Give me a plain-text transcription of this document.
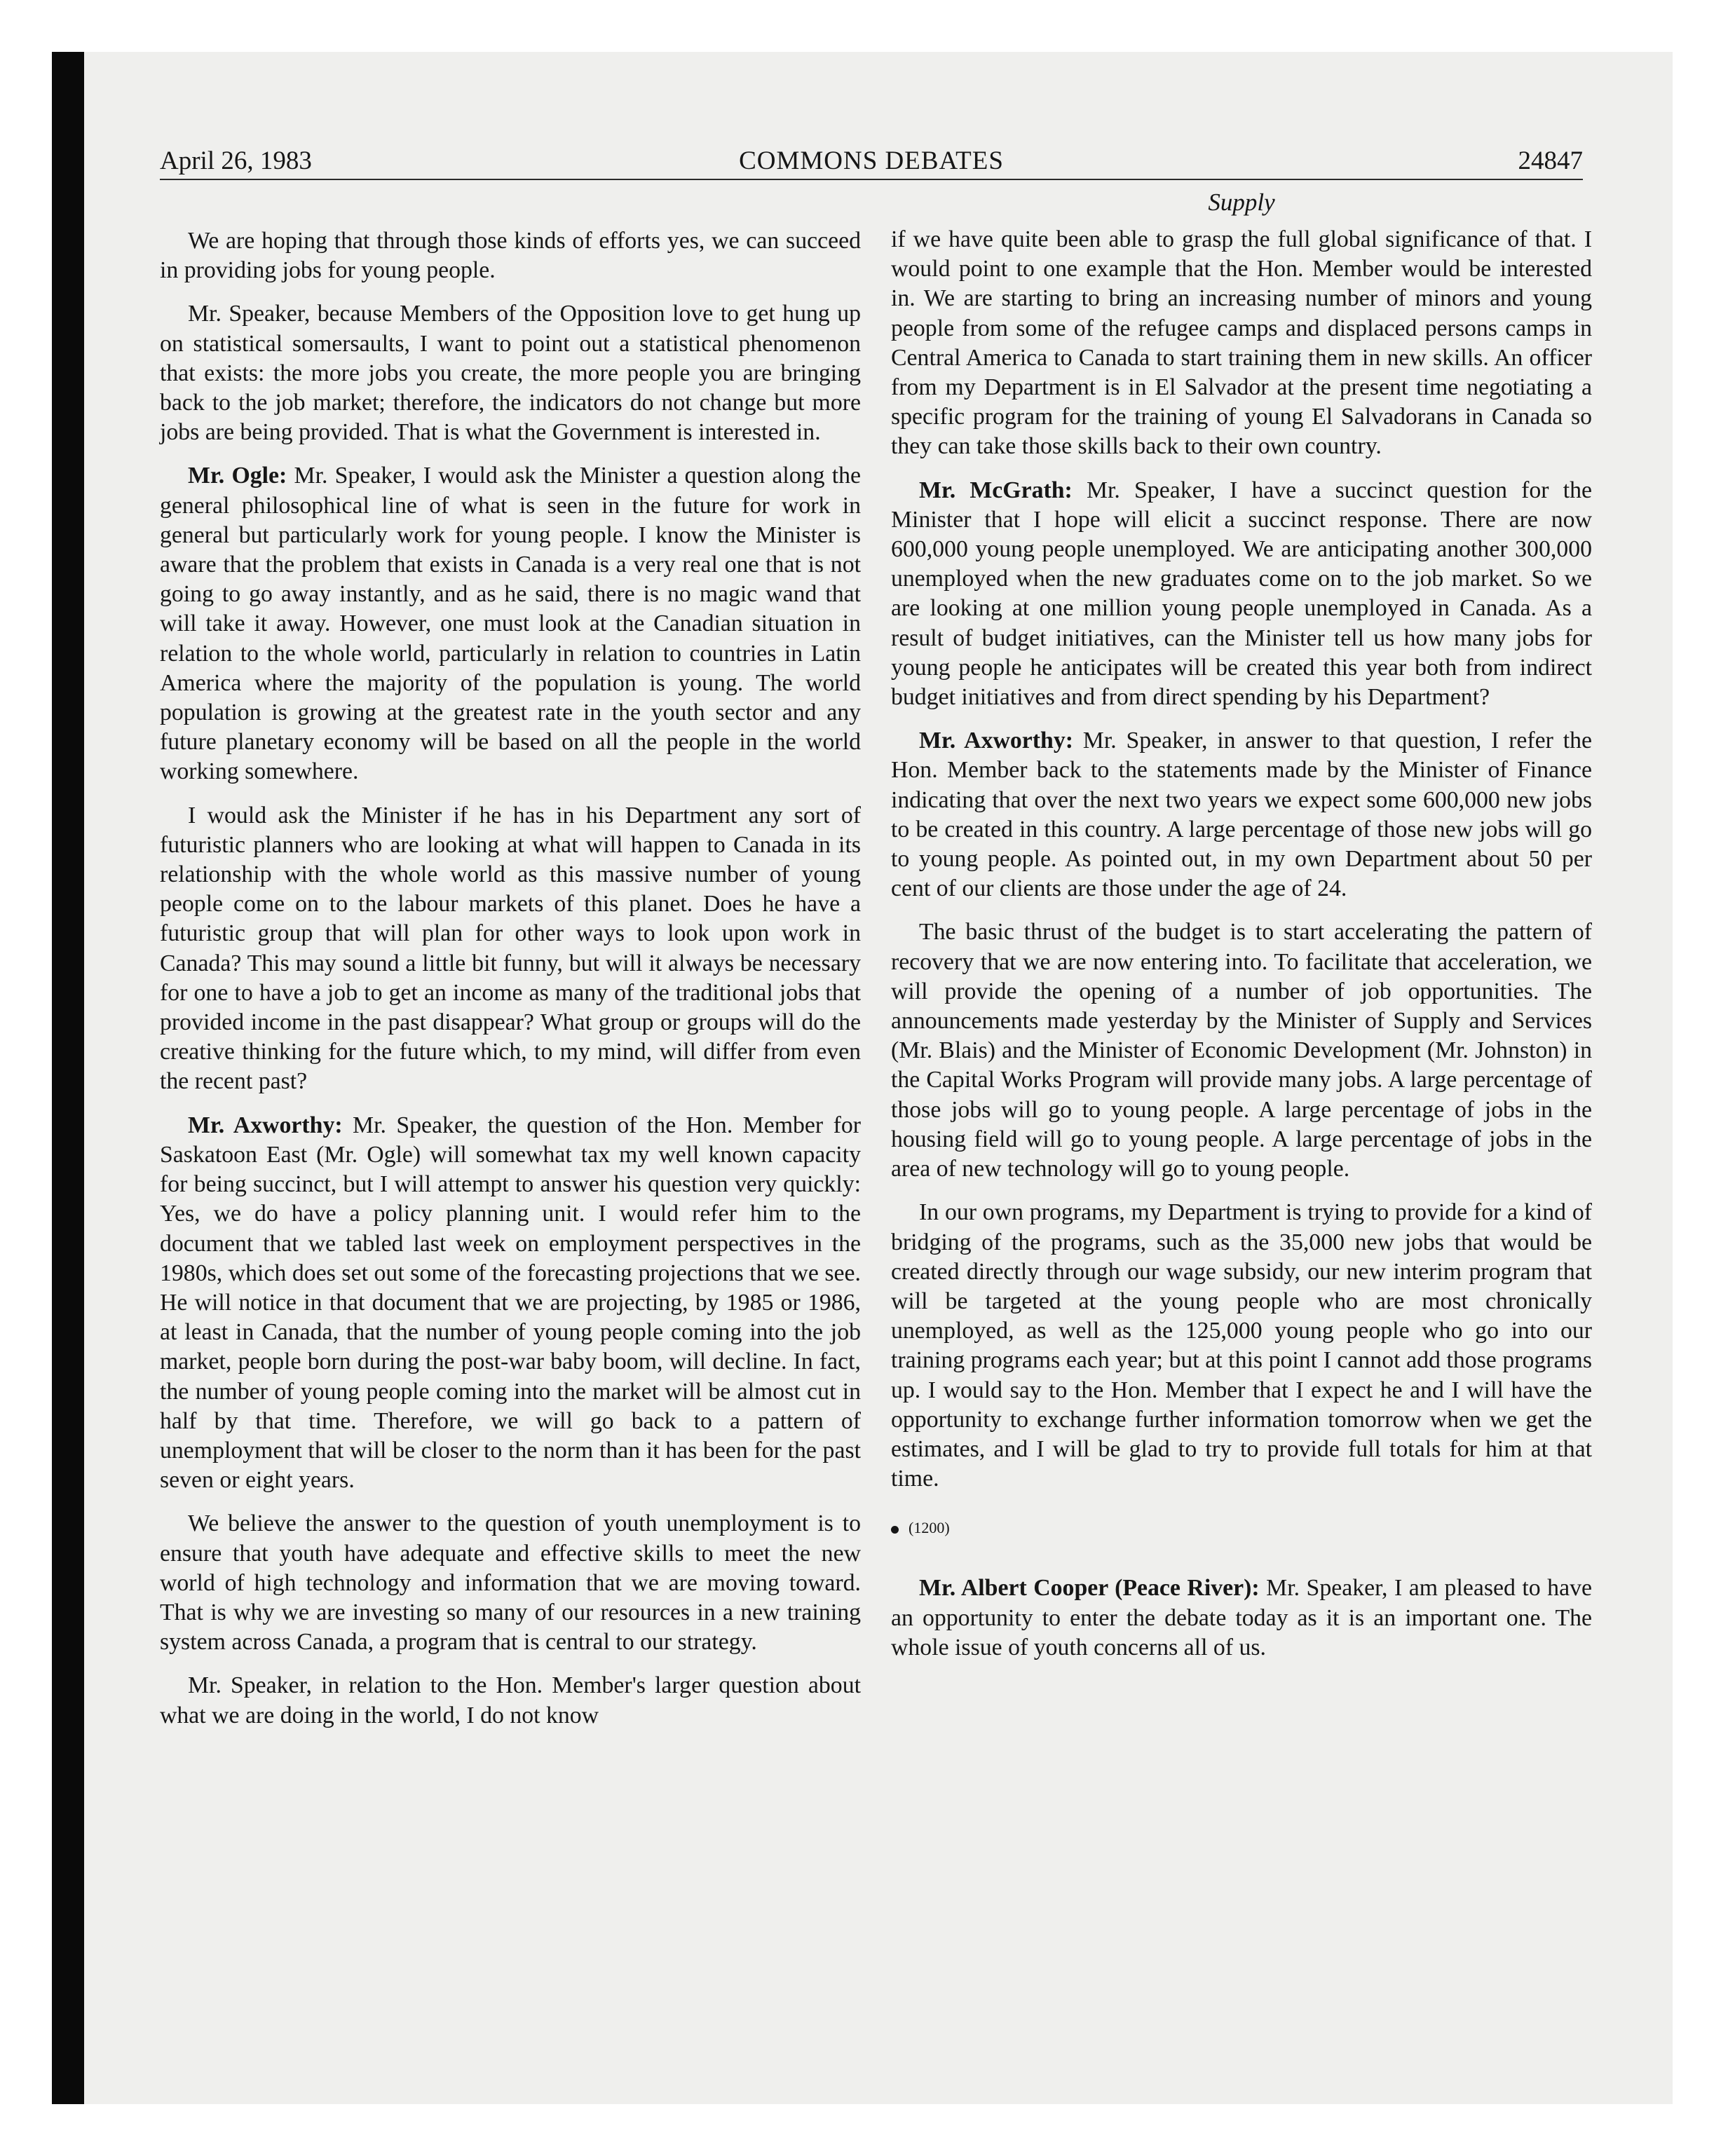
April 26, 1983	COMMONS DEBATES	24847

We are hoping that through those kinds of efforts yes, we can succeed in providing jobs for young people.

Mr. Speaker, because Members of the Opposition love to get hung up on statistical somersaults, I want to point out a statistical phenomenon that exists: the more jobs you create, the more people you are bringing back to the job market; therefore, the indicators do not change but more jobs are being provided. That is what the Government is interested in.

Mr. Ogle: Mr. Speaker, I would ask the Minister a question along the general philosophical line of what is seen in the future for work in general but particularly work for young people. I know the Minister is aware that the problem that exists in Canada is a very real one that is not going to go away instantly, and as he said, there is no magic wand that will take it away. However, one must look at the Canadian situation in relation to the whole world, particularly in relation to countries in Latin America where the majority of the population is young. The world population is growing at the greatest rate in the youth sector and any future planetary economy will be based on all the people in the world working somewhere.

I would ask the Minister if he has in his Department any sort of futuristic planners who are looking at what will happen to Canada in its relationship with the whole world as this massive number of young people come on to the labour markets of this planet. Does he have a futuristic group that will plan for other ways to look upon work in Canada? This may sound a little bit funny, but will it always be necessary for one to have a job to get an income as many of the traditional jobs that provided income in the past disappear? What group or groups will do the creative thinking for the future which, to my mind, will differ from even the recent past?

Mr. Axworthy: Mr. Speaker, the question of the Hon. Member for Saskatoon East (Mr. Ogle) will somewhat tax my well known capacity for being succinct, but I will attempt to answer his question very quickly: Yes, we do have a policy planning unit. I would refer him to the document that we tabled last week on employment perspectives in the 1980s, which does set out some of the forecasting projections that we see. He will notice in that document that we are projecting, by 1985 or 1986, at least in Canada, that the number of young people coming into the job market, people born during the post-war baby boom, will decline. In fact, the number of young people coming into the market will be almost cut in half by that time. Therefore, we will go back to a pattern of unemployment that will be closer to the norm than it has been for the past seven or eight years.

We believe the answer to the question of youth unemployment is to ensure that youth have adequate and effective skills to meet the new world of high technology and information that we are moving toward. That is why we are investing so many of our resources in a new training system across Canada, a program that is central to our strategy.

Mr. Speaker, in relation to the Hon. Member's larger question about what we are doing in the world, I do not know

Supply

if we have quite been able to grasp the full global significance of that. I would point to one example that the Hon. Member would be interested in. We are starting to bring an increasing number of minors and young people from some of the refugee camps and displaced persons camps in Central America to Canada to start training them in new skills. An officer from my Department is in El Salvador at the present time negotiating a specific program for the training of young El Salvadorans in Canada so they can take those skills back to their own country.

Mr. McGrath: Mr. Speaker, I have a succinct question for the Minister that I hope will elicit a succinct response. There are now 600,000 young people unemployed. We are anticipating another 300,000 unemployed when the new graduates come on to the job market. So we are looking at one million young people unemployed in Canada. As a result of budget initiatives, can the Minister tell us how many jobs for young people he anticipates will be created this year both from indirect budget initiatives and from direct spending by his Department?

Mr. Axworthy: Mr. Speaker, in answer to that question, I refer the Hon. Member back to the statements made by the Minister of Finance indicating that over the next two years we expect some 600,000 new jobs to be created in this country. A large percentage of those new jobs will go to young people. As pointed out, in my own Department about 50 per cent of our clients are those under the age of 24.

The basic thrust of the budget is to start accelerating the pattern of recovery that we are now entering into. To facilitate that acceleration, we will provide the opening of a number of job opportunities. The announcements made yesterday by the Minister of Supply and Services (Mr. Blais) and the Minister of Economic Development (Mr. Johnston) in the Capital Works Program will provide many jobs. A large percentage of those jobs will go to young people. A large percentage of jobs in the housing field will go to young people. A large percentage of jobs in the area of new technology will go to young people.

In our own programs, my Department is trying to provide for a kind of bridging of the programs, such as the 35,000 new jobs that would be created directly through our wage subsidy, our new interim program that will be targeted at the young people who are most chronically unemployed, as well as the 125,000 young people who go into our training programs each year; but at this point I cannot add those programs up. I would say to the Hon. Member that I expect he and I will have the opportunity to exchange further information tomorrow when we get the estimates, and I will be glad to try to provide full totals for him at that time.

(1200)

Mr. Albert Cooper (Peace River): Mr. Speaker, I am pleased to have an opportunity to enter the debate today as it is an important one. The whole issue of youth concerns all of us.
